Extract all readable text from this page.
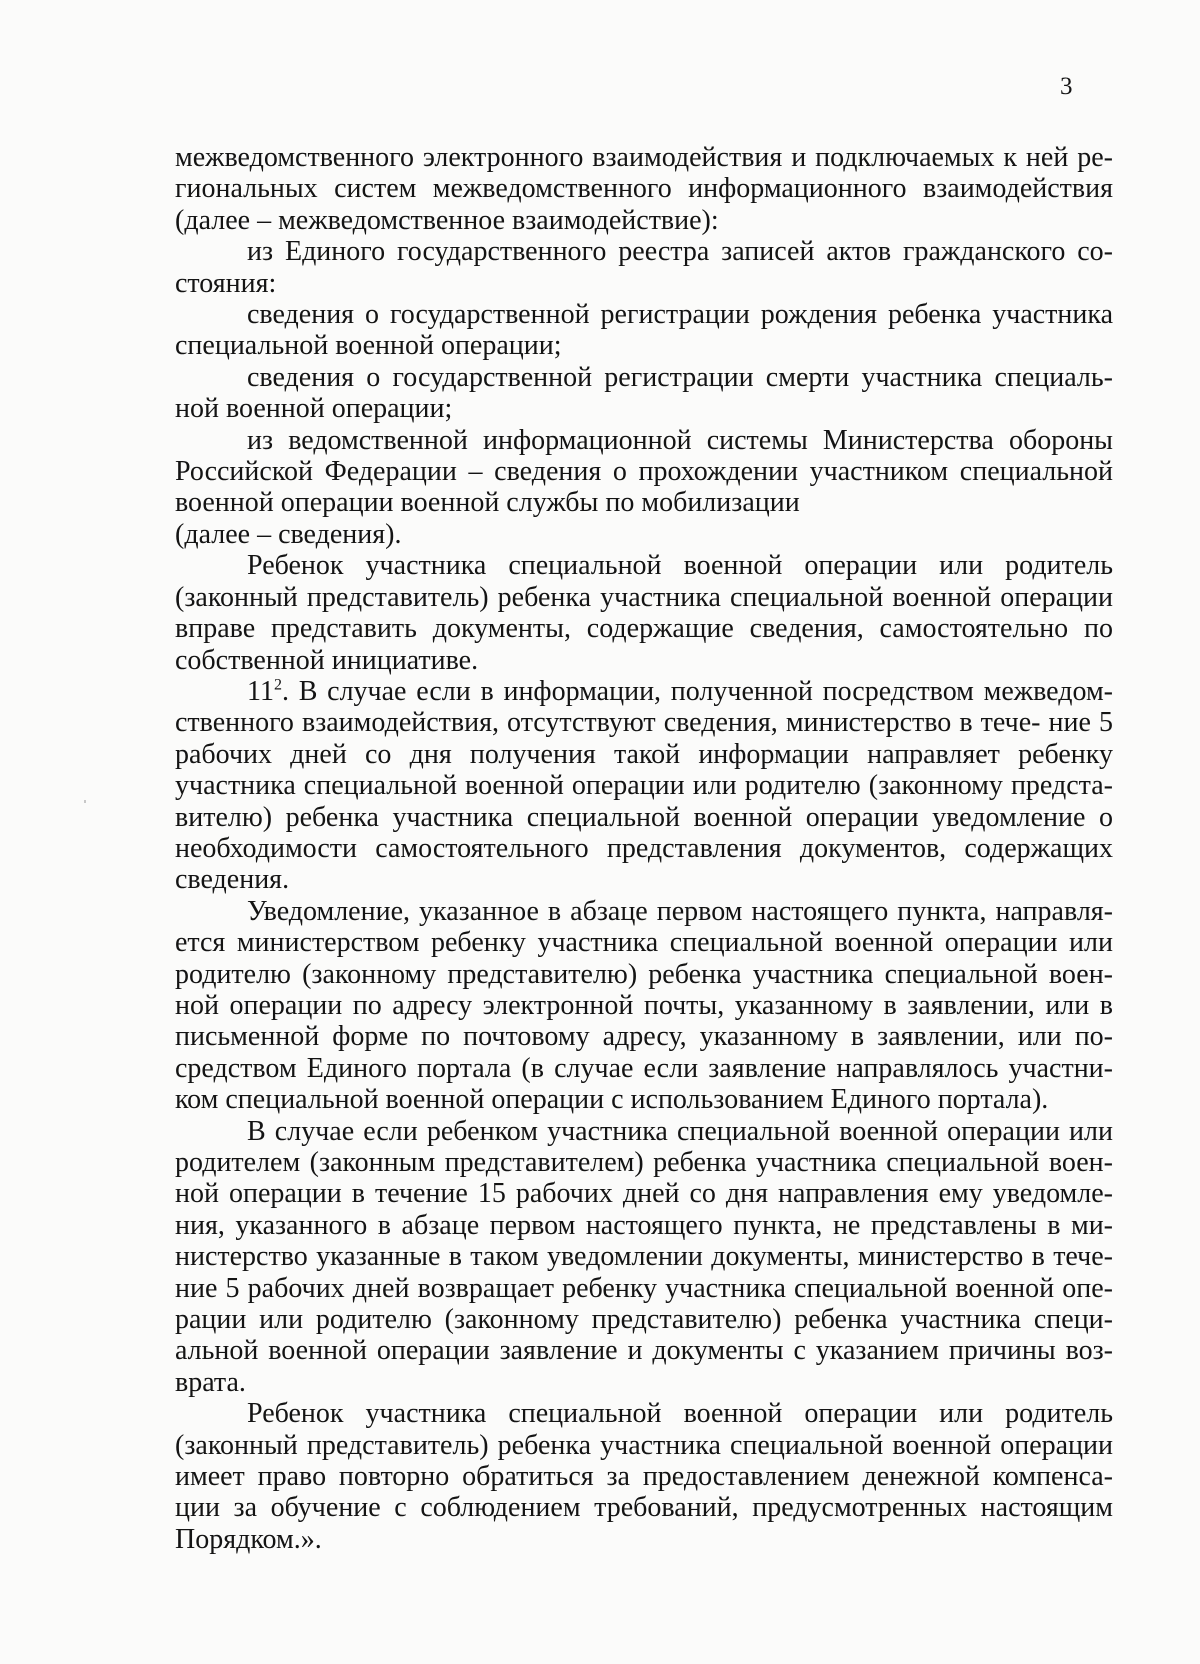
3

межведомственного электронного взаимодействия и подключаемых к ней ре- гиональных систем межведомственного информационного взаимодействия (далее – межведомственное взаимодействие):

из Единого государственного реестра записей актов гражданского со- стояния:

сведения о государственной регистрации рождения ребенка участника специальной военной операции;

сведения о государственной регистрации смерти участника специаль- ной военной операции;

из ведомственной информационной системы Министерства обороны Российской Федерации – сведения о прохождении участником специальной военной операции военной службы по мобилизации

(далее – сведения).

Ребенок участника специальной военной операции или родитель (законный представитель) ребенка участника специальной военной операции вправе представить документы, содержащие сведения, самостоятельно по собственной инициативе.

$11^2$. В случае если в информации, полученной посредством межведом- ственного взаимодействия, отсутствуют сведения, министерство в тече- ние 5 рабочих дней со дня получения такой информации направляет ребенку участника специальной военной операции или родителю (законному предста- вителю) ребенка участника специальной военной операции уведомление о необходимости самостоятельного представления документов, содержащих сведения.

Уведомление, указанное в абзаце первом настоящего пункта, направля- ется министерством ребенку участника специальной военной операции или родителю (законному представителю) ребенка участника специальной воен- ной операции по адресу электронной почты, указанному в заявлении, или в письменной форме по почтовому адресу, указанному в заявлении, или по- средством Единого портала (в случае если заявление направлялось участни- ком специальной военной операции с использованием Единого портала).

В случае если ребенком участника специальной военной операции или родителем (законным представителем) ребенка участника специальной воен- ной операции в течение 15 рабочих дней со дня направления ему уведомле- ния, указанного в абзаце первом настоящего пункта, не представлены в ми- нистерство указанные в таком уведомлении документы, министерство в тече- ние 5 рабочих дней возвращает ребенку участника специальной военной опе- рации или родителю (законному представителю) ребенка участника специ- альной военной операции заявление и документы с указанием причины воз- врата.

Ребенок участника специальной военной операции или родитель (законный представитель) ребенка участника специальной военной операции имеет право повторно обратиться за предоставлением денежной компенса- ции за обучение с соблюдением требований, предусмотренных настоящим Порядком.».
